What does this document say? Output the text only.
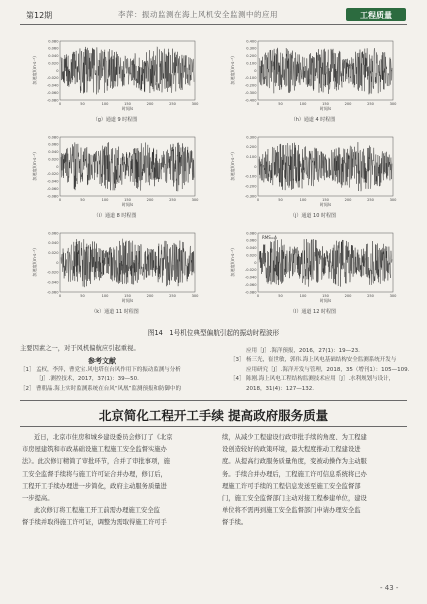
第12期	李萍：振动监测在海上风机安全监测中的应用	工程质量
加速度/(m·s⁻²)
0.080
0.060
0.040
0.020
0
-0.020
-0.040
-0.060
-0.080
0	50	100	150	200	250	300
时间/s
（g）通道 9 时程图
加速度/(m·s⁻²)
0.400
0.300
0.200
0.100
0
-0.100
-0.200
-0.300
-0.400
0	50	100	150	200	250	300
时间/s
（h）通道 4 时程图
加速度/(m·s⁻²)
0.080
0.060
0.040
0.020
0
-0.020
-0.040
-0.060
-0.080
0	50	100	150	200	250	300
时间/s
（i）通道 8 时程图
加速度/(m·s⁻²)
0.300
0.200
0.100
0
-0.100
-0.200
-0.300
0	50	100	150	200	250	300
时间/s
（j）通道 10 时程图
加速度/(m·s⁻²)
0.060
0.040
0.020
0
-0.020
-0.040
-0.060
0	50	100	150	200	250	300
时间/s
（k）通道 11 时程图
加速度/(m·s⁻²)
0.080
0.060
0.040
0.020
0
-0.020
-0.040
-0.060
-0.080
0	50	100	150	200	250	300
时间/s
RMS=A
（l）通道 12 时程图
图14　1号机位典型偏航引起的振动时程波形
主要因素之一，对于风机偏航应引起重视。
参考文献
［1］ 孟权，李萍，曹党宝.风电塔在台风作用下的振动监测与分析
［J］.测控技术，2017，37(1)：39—50.
［2］ 曹朝晶.海上实时监测系统在台风“风凰”监测预报和防御中的
应用［J］.海洋预报，2016，27(1)：19—23.
［3］ 杨三光，崔世敏，郭伟.海上风电基础结构安全监测系统开发与
应用研究［J］.海洋开发与管理，2018，35（增刊1）：105—109.
［4］ 陈刚.海上风电工程结构监测技术应用［J］.水利规划与设计，
2018，31(4)：127—132.
北京简化工程开工手续 提高政府服务质量
近日，北京市住房和城乡建设委员会修订了《北京
市房屋建筑和市政基础设施工程施工安全监督实施办
法》。此次修订精简了审批环节，合并了审批事项，施
工安全监督手续将与施工许可证合并办理，修订后，
工程开工手续办理进一步简化，政府主动服务质量进
一步提高。
此次修订将工程施工开工前需办理施工安全监
督手续并取得施工许可证，调整为需取得施工许可手
续，从减少工程建设行政审批手续的角度、为工程建
设创造较好的政策环境，最大程度推动工程建设进
度。从提高行政服务质量角度，变被动操作为主动服
务。手续合并办理后，工程施工许可信息系统将已办
理施工许可手续的工程信息发送至施工安全监督部
门，施工安全监督部门主动对接工程参建单位，建设
单位将不需再到施工安全监督部门申请办理安全监
督手续。
- 43 -
